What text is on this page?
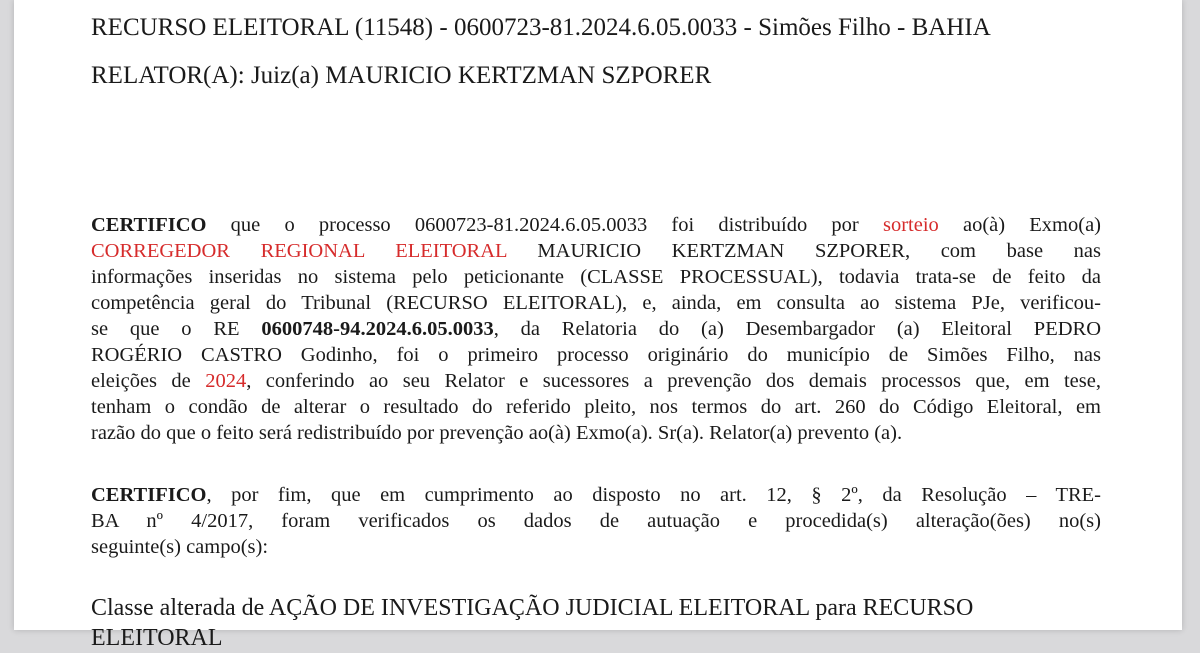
RECURSO ELEITORAL (11548) - 0600723-81.2024.6.05.0033 - Simões Filho - BAHIA
RELATOR(A): Juiz(a) MAURICIO KERTZMAN SZPORER
CERTIFICO que o processo 0600723-81.2024.6.05.0033 foi distribuído por sorteio ao(à) Exmo(a)
CORREGEDOR REGIONAL ELEITORAL MAURICIO KERTZMAN SZPORER, com base nas
informações inseridas no sistema pelo peticionante (CLASSE PROCESSUAL), todavia trata-se de feito da
competência geral do Tribunal (RECURSO ELEITORAL), e, ainda, em consulta ao sistema PJe, verificou-
se que o RE 0600748-94.2024.6.05.0033, da Relatoria do (a) Desembargador (a) Eleitoral PEDRO
ROGÉRIO CASTRO Godinho, foi o primeiro processo originário do município de Simões Filho, nas
eleições de 2024, conferindo ao seu Relator e sucessores a prevenção dos demais processos que, em tese,
tenham o condão de alterar o resultado do referido pleito, nos termos do art. 260 do Código Eleitoral, em
razão do que o feito será redistribuído por prevenção ao(à) Exmo(a). Sr(a). Relator(a) prevento (a).
CERTIFICO, por fim, que em cumprimento ao disposto no art. 12, § 2º, da Resolução – TRE-
BA nº 4/2017, foram verificados os dados de autuação e procedida(s) alteração(ões) no(s)
seguinte(s) campo(s):
Classe alterada de AÇÃO DE INVESTIGAÇÃO JUDICIAL ELEITORAL para RECURSO
ELEITORAL
